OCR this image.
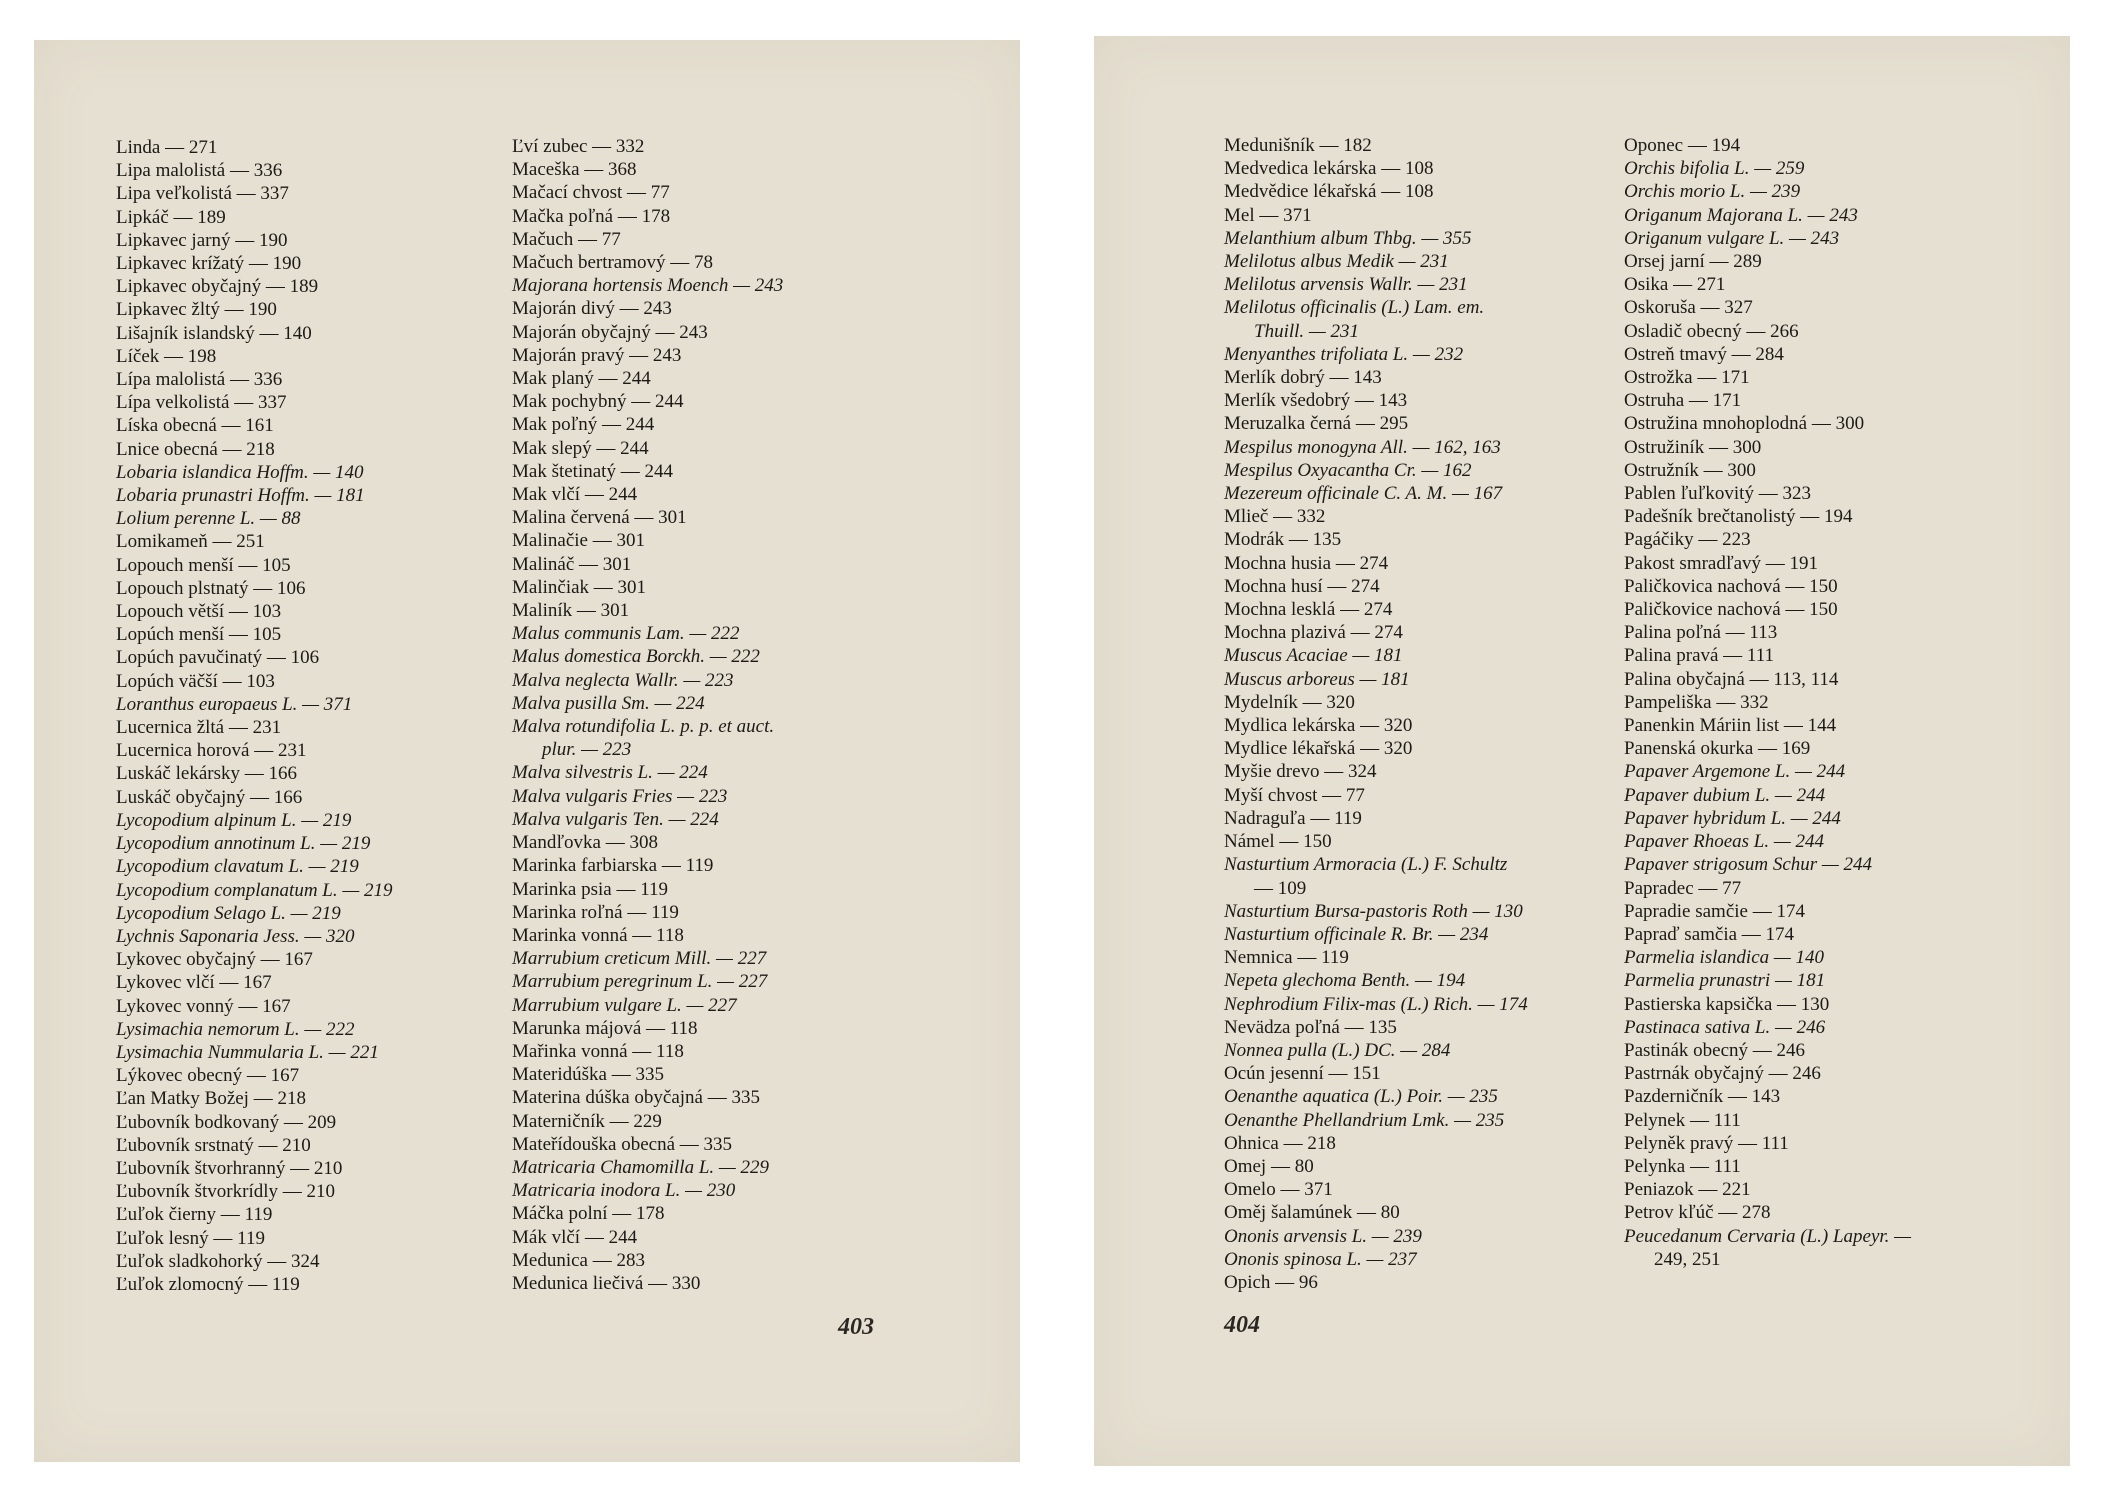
Linda — 271
Lipa malolistá — 336
Lipa veľkolistá — 337
Lipkáč — 189
Lipkavec jarný — 190
Lipkavec krížatý — 190
Lipkavec obyčajný — 189
Lipkavec žltý — 190
Lišajník islandský — 140
Líček — 198
Lípa malolistá — 336
Lípa velkolistá — 337
Líska obecná — 161
Lnice obecná — 218
Lobaria islandica Hoffm. — 140
Lobaria prunastri Hoffm. — 181
Lolium perenne L. — 88
Lomikameň — 251
Lopouch menší — 105
Lopouch plstnatý — 106
Lopouch větší — 103
Lopúch menší — 105
Lopúch pavučinatý — 106
Lopúch väčší — 103
Loranthus europaeus L. — 371
Lucernica žltá — 231
Lucernica horová — 231
Luskáč lekársky — 166
Luskáč obyčajný — 166
Lycopodium alpinum L. — 219
Lycopodium annotinum L. — 219
Lycopodium clavatum L. — 219
Lycopodium complanatum L. — 219
Lycopodium Selago L. — 219
Lychnis Saponaria Jess. — 320
Lykovec obyčajný — 167
Lykovec vlčí — 167
Lykovec vonný — 167
Lysimachia nemorum L. — 222
Lysimachia Nummularia L. — 221
Lýkovec obecný — 167
Ľan Matky Božej — 218
Ľubovník bodkovaný — 209
Ľubovník srstnatý — 210
Ľubovník štvorhranný — 210
Ľubovník štvorkrídly — 210
Ľuľok čierny — 119
Ľuľok lesný — 119
Ľuľok sladkohorký — 324
Ľuľok zlomocný — 119
Ľví zubec — 332
Maceška — 368
Mačací chvost — 77
Mačka poľná — 178
Mačuch — 77
Mačuch bertramový — 78
Majorana hortensis Moench — 243
Majorán divý — 243
Majorán obyčajný — 243
Majorán pravý — 243
Mak planý — 244
Mak pochybný — 244
Mak poľný — 244
Mak slepý — 244
Mak štetinatý — 244
Mak vlčí — 244
Malina červená — 301
Malinačie — 301
Malináč — 301
Malinčiak — 301
Maliník — 301
Malus communis Lam. — 222
Malus domestica Borckh. — 222
Malva neglecta Wallr. — 223
Malva pusilla Sm. — 224
Malva rotundifolia L. p. p. et auct.
plur. — 223
Malva silvestris L. — 224
Malva vulgaris Fries — 223
Malva vulgaris Ten. — 224
Mandľovka — 308
Marinka farbiarska — 119
Marinka psia — 119
Marinka roľná — 119
Marinka vonná — 118
Marrubium creticum Mill. — 227
Marrubium peregrinum L. — 227
Marrubium vulgare L. — 227
Marunka májová — 118
Mařinka vonná — 118
Materidúška — 335
Materina dúška obyčajná — 335
Materničník — 229
Mateřídouška obecná — 335
Matricaria Chamomilla L. — 229
Matricaria inodora L. — 230
Máčka polní — 178
Mák vlčí — 244
Medunica — 283
Medunica liečivá — 330
403
Medunišník — 182
Medvedica lekárska — 108
Medvědice lékařská — 108
Mel — 371
Melanthium album Thbg. — 355
Melilotus albus Medik — 231
Melilotus arvensis Wallr. — 231
Melilotus officinalis (L.) Lam. em.
Thuill. — 231
Menyanthes trifoliata L. — 232
Merlík dobrý — 143
Merlík všedobrý — 143
Meruzalka černá — 295
Mespilus monogyna All. — 162, 163
Mespilus Oxyacantha Cr. — 162
Mezereum officinale C. A. M. — 167
Mlieč — 332
Modrák — 135
Mochna husia — 274
Mochna husí — 274
Mochna lesklá — 274
Mochna plazivá — 274
Muscus Acaciae — 181
Muscus arboreus — 181
Mydelník — 320
Mydlica lekárska — 320
Mydlice lékařská — 320
Myšie drevo — 324
Myší chvost — 77
Nadraguľa — 119
Námel — 150
Nasturtium Armoracia (L.) F. Schultz
— 109
Nasturtium Bursa-pastoris Roth — 130
Nasturtium officinale R. Br. — 234
Nemnica — 119
Nepeta glechoma Benth. — 194
Nephrodium Filix-mas (L.) Rich. — 174
Nevädza poľná — 135
Nonnea pulla (L.) DC. — 284
Ocún jesenní — 151
Oenanthe aquatica (L.) Poir. — 235
Oenanthe Phellandrium Lmk. — 235
Ohnica — 218
Omej — 80
Omelo — 371
Oměj šalamúnek — 80
Ononis arvensis L. — 239
Ononis spinosa L. — 237
Opich — 96
Oponec — 194
Orchis bifolia L. — 259
Orchis morio L. — 239
Origanum Majorana L. — 243
Origanum vulgare L. — 243
Orsej jarní — 289
Osika — 271
Oskoruša — 327
Osladič obecný — 266
Ostreň tmavý — 284
Ostrožka — 171
Ostruha — 171
Ostružina mnohoplodná — 300
Ostružiník — 300
Ostružník — 300
Pablen ľuľkovitý — 323
Padešník brečtanolistý — 194
Pagáčiky — 223
Pakost smradľavý — 191
Paličkovica nachová — 150
Paličkovice nachová — 150
Palina poľná — 113
Palina pravá — 111
Palina obyčajná — 113, 114
Pampeliška — 332
Panenkin Máriin list — 144
Panenská okurka — 169
Papaver Argemone L. — 244
Papaver dubium L. — 244
Papaver hybridum L. — 244
Papaver Rhoeas L. — 244
Papaver strigosum Schur — 244
Papradec — 77
Papradie samčie — 174
Papraď samčia — 174
Parmelia islandica — 140
Parmelia prunastri — 181
Pastierska kapsička — 130
Pastinaca sativa L. — 246
Pastinák obecný — 246
Pastrnák obyčajný — 246
Pazderničník — 143
Pelynek — 111
Pelyněk pravý — 111
Pelynka — 111
Peniazok — 221
Petrov kľúč — 278
Peucedanum Cervaria (L.) Lapeyr. —
249, 251
404
